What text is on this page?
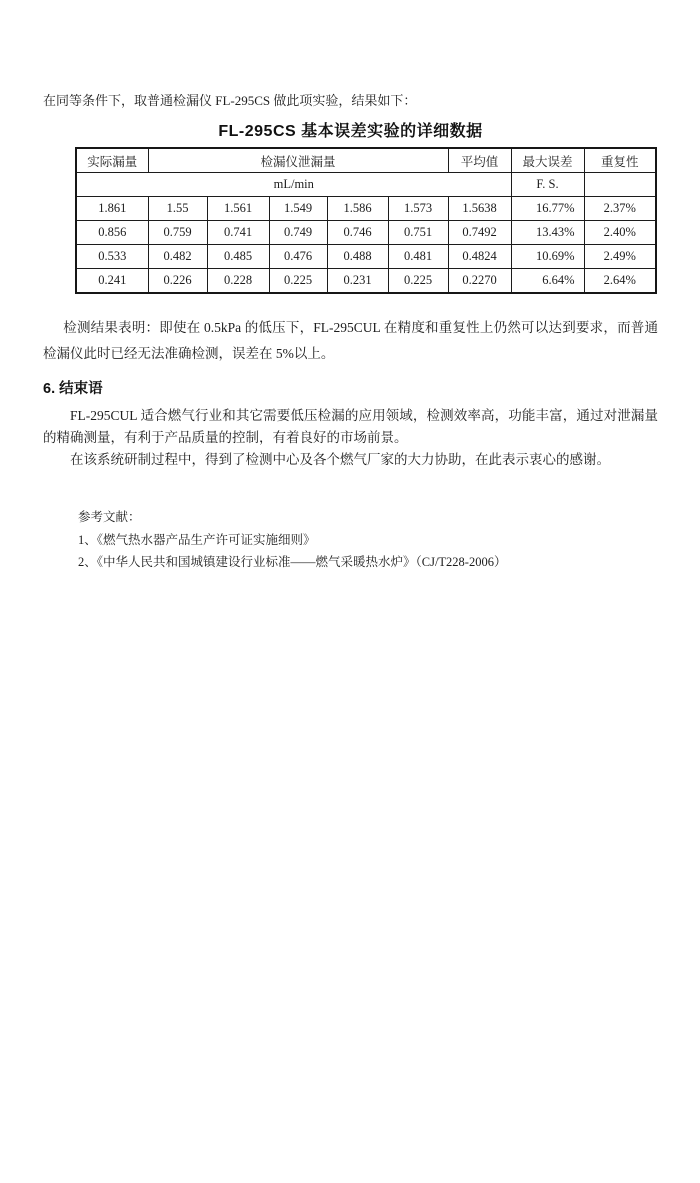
在同等条件下，取普通检漏仪 FL-295CS 做此项实验，结果如下：

FL-295CS 基本误差实验的详细数据
实际漏量	检漏仪泄漏量					平均值	最大误差	重复性
mL/min							F. S.	
1.861	1.55	1.561	1.549	1.586	1.573	1.5638	16.77%	2.37%
0.856	0.759	0.741	0.749	0.746	0.751	0.7492	13.43%	2.40%
0.533	0.482	0.485	0.476	0.488	0.481	0.4824	10.69%	2.49%
0.241	0.226	0.228	0.225	0.231	0.225	0.2270	6.64%	2.64%

检测结果表明：即使在 0.5kPa 的低压下，FL-295CUL 在精度和重复性上仍然可以达到要求，而普通检漏仪此时已经无法准确检测，误差在 5%以上。

6. 结束语

FL-295CUL 适合燃气行业和其它需要低压检漏的应用领域，检测效率高，功能丰富，通过对泄漏量的精确测量，有利于产品质量的控制，有着良好的市场前景。

在该系统研制过程中，得到了检测中心及各个燃气厂家的大力协助，在此表示衷心的感谢。

参考文献：
1、《燃气热水器产品生产许可证实施细则》
2、《中华人民共和国城镇建设行业标准——燃气采暖热水炉》（CJ/T228-2006）
